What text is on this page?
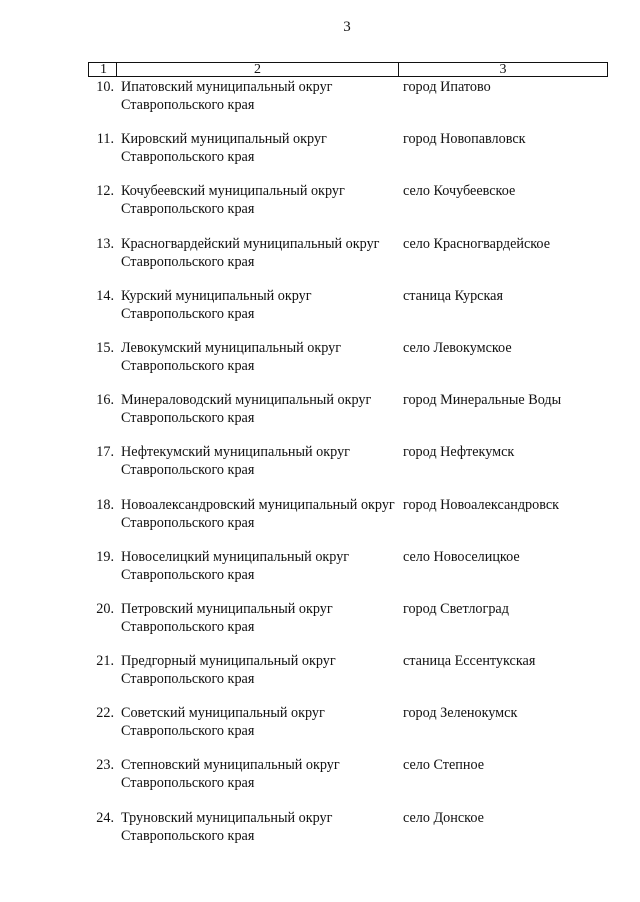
3
1	2	3
10. Ипатовский муниципальный округ Ставропольского края
город Ипатово
11. Кировский муниципальный округ Ставропольского края
город Новопавловск
12. Кочубеевский муниципальный округ Ставропольского края
село Кочубеевское
13. Красногвардейский муниципальный округ Ставропольского края
село Красногвардейское
14. Курский муниципальный округ Ставропольского края
станица Курская
15. Левокумский муниципальный округ Ставропольского края
село Левокумское
16. Минераловодский муниципальный округ Ставропольского края
город Минеральные Воды
17. Нефтекумский муниципальный округ Ставропольского края
город Нефтекумск
18. Новоалександровский муниципальный округ Ставропольского края
город Новоалександровск
19. Новоселицкий муниципальный округ Ставропольского края
село Новоселицкое
20. Петровский муниципальный округ Ставропольского края
город Светлоград
21. Предгорный муниципальный округ Ставропольского края
станица Ессентукская
22. Советский муниципальный округ Ставропольского края
город Зеленокумск
23. Степновский муниципальный округ Ставропольского края
село Степное
24. Труновский муниципальный округ Ставропольского края
село Донское
